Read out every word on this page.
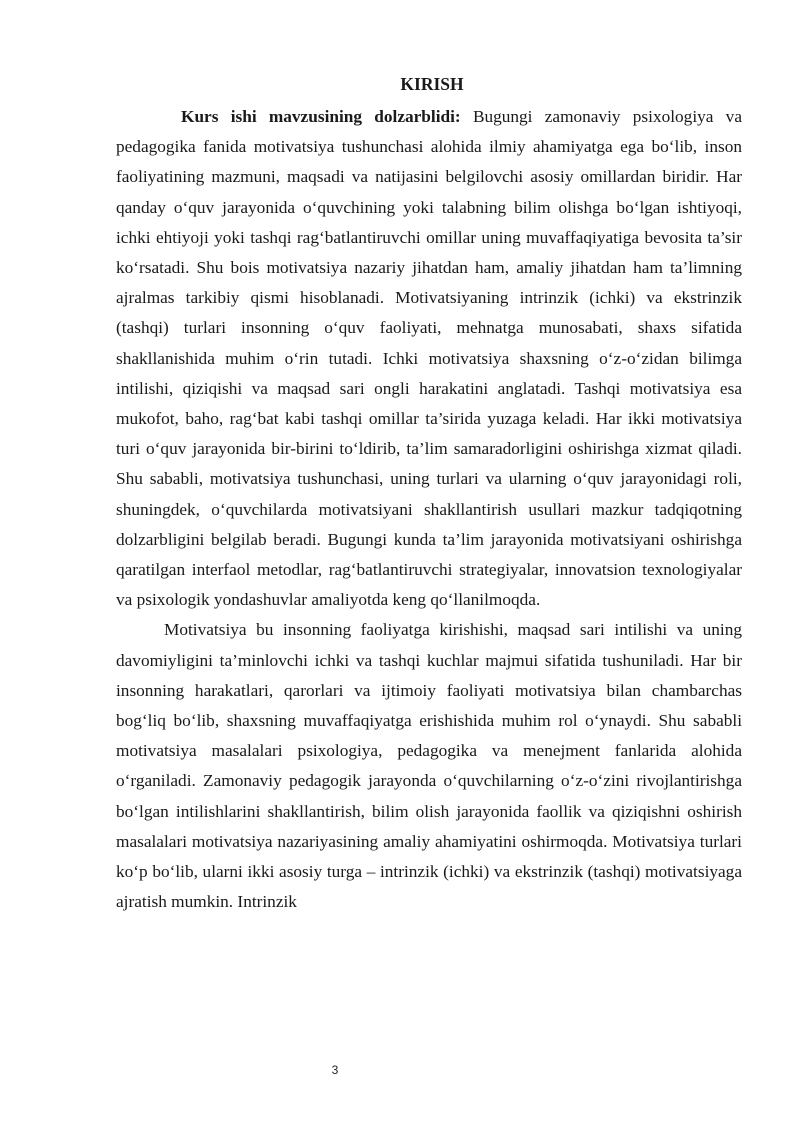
KIRISH

Kurs ishi mavzusining dolzarblidi: Bugungi zamonaviy psixologiya va pedagogika fanida motivatsiya tushunchasi alohida ilmiy ahamiyatga ega bo‘lib, inson faoliyatining mazmuni, maqsadi va natijasini belgilovchi asosiy omillardan biridir. Har qanday o‘quv jarayonida o‘quvchining yoki talabning bilim olishga bo‘lgan ishtiyoqi, ichki ehtiyoji yoki tashqi rag‘batlantiruvchi omillar uning muvaffaqiyatiga bevosita ta’sir ko‘rsatadi. Shu bois motivatsiya nazariy jihatdan ham, amaliy jihatdan ham ta’limning ajralmas tarkibiy qismi hisoblanadi. Motivatsiyaning intrinzik (ichki) va ekstrinzik (tashqi) turlari insonning o‘quv faoliyati, mehnatga munosabati, shaxs sifatida shakllanishida muhim o‘rin tutadi. Ichki motivatsiya shaxsning o‘z-o‘zidan bilimga intilishi, qiziqishi va maqsad sari ongli harakatini anglatadi. Tashqi motivatsiya esa mukofot, baho, rag‘bat kabi tashqi omillar ta’sirida yuzaga keladi. Har ikki motivatsiya turi o‘quv jarayonida bir-birini to‘ldirib, ta’lim samaradorligini oshirishga xizmat qiladi. Shu sababli, motivatsiya tushunchasi, uning turlari va ularning o‘quv jarayonidagi roli, shuningdek, o‘quvchilarda motivatsiyani shakllantirish usullari mazkur tadqiqotning dolzarbligini belgilab beradi. Bugungi kunda ta’lim jarayonida motivatsiyani oshirishga qaratilgan interfaol metodlar, rag‘batlantiruvchi strategiyalar, innovatsion texnologiyalar va psixologik yondashuvlar amaliyotda keng qo‘llanilmoqda.

Motivatsiya bu insonning faoliyatga kirishishi, maqsad sari intilishi va uning davomiyligini ta’minlovchi ichki va tashqi kuchlar majmui sifatida tushuniladi. Har bir insonning harakatlari, qarorlari va ijtimoiy faoliyati motivatsiya bilan chambarchas bog‘liq bo‘lib, shaxsning muvaffaqiyatga erishishida muhim rol o‘ynaydi. Shu sababli motivatsiya masalalari psixologiya, pedagogika va menejment fanlarida alohida o‘rganiladi. Zamonaviy pedagogik jarayonda o‘quvchilarning o‘z-o‘zini rivojlantirishga bo‘lgan intilishlarini shakllantirish, bilim olish jarayonida faollik va qiziqishni oshirish masalalari motivatsiya nazariyasining amaliy ahamiyatini oshirmoqda. Motivatsiya turlari ko‘p bo‘lib, ularni ikki asosiy turga – intrinzik (ichki) va ekstrinzik (tashqi) motivatsiyaga ajratish mumkin. Intrinzik

3
